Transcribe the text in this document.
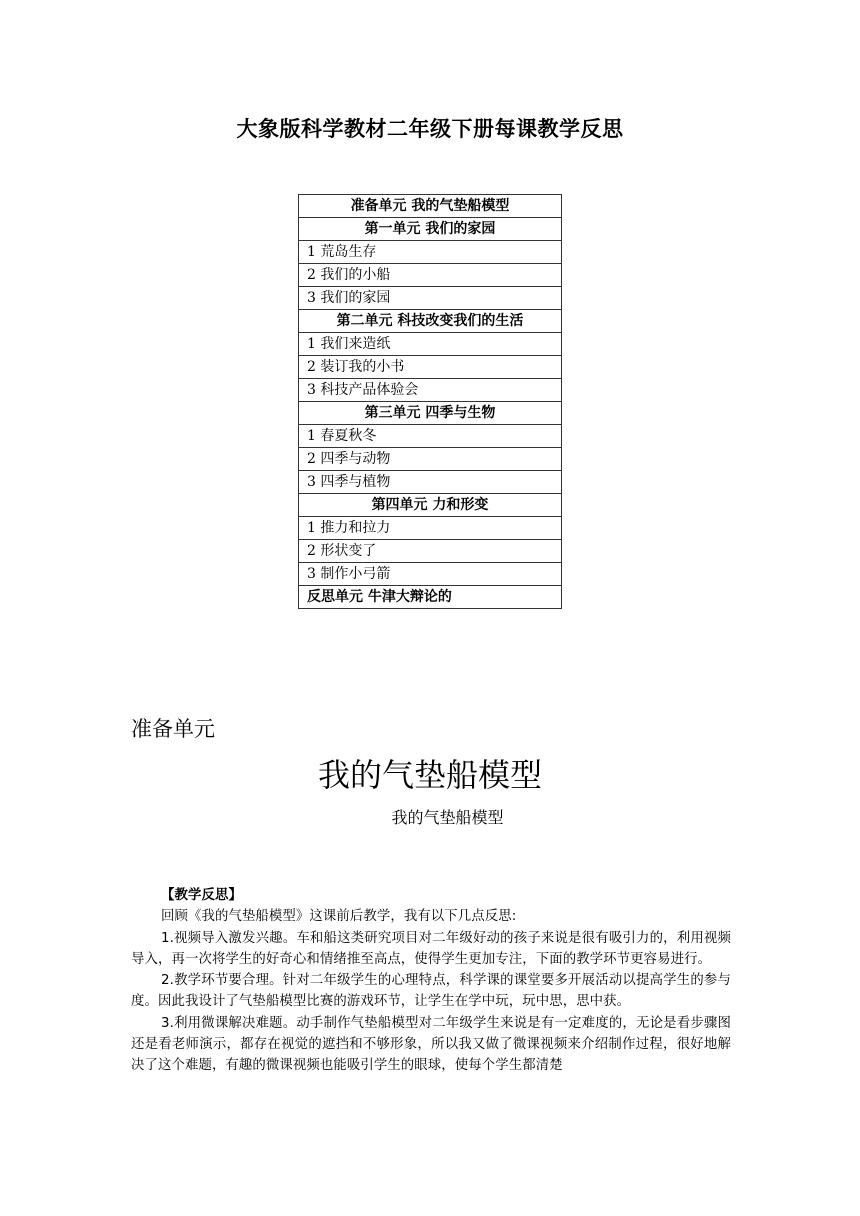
大象版科学教材二年级下册每课教学反思
准备单元 我的气垫船模型
第一单元 我们的家园
1 荒岛生存
2 我们的小船
3 我们的家园
第二单元 科技改变我们的生活
1 我们来造纸
2 装订我的小书
3 科技产品体验会
第三单元 四季与生物
1 春夏秋冬
2 四季与动物
3 四季与植物
第四单元 力和形变
1 推力和拉力
2 形状变了
3 制作小弓箭
反思单元 牛津大辩论的
准备单元
我的气垫船模型
我的气垫船模型

【教学反思】

回顾《我的气垫船模型》这课前后教学，我有以下几点反思:

1.视频导入激发兴趣。车和船这类研究项目对二年级好动的孩子来说是很有吸引力的，利用视频导入，再一次将学生的好奇心和情绪推至高点，使得学生更加专注，下面的教学环节更容易进行。

2.教学环节要合理。针对二年级学生的心理特点，科学课的课堂要多开展活动以提高学生的参与度。因此我设计了气垫船模型比赛的游戏环节，让学生在学中玩，玩中思，思中获。

3.利用微课解决难题。动手制作气垫船模型对二年级学生来说是有一定难度的，无论是看步骤图还是看老师演示，都存在视觉的遮挡和不够形象，所以我又做了微课视频来介绍制作过程，很好地解决了这个难题，有趣的微课视频也能吸引学生的眼球，使每个学生都清楚
